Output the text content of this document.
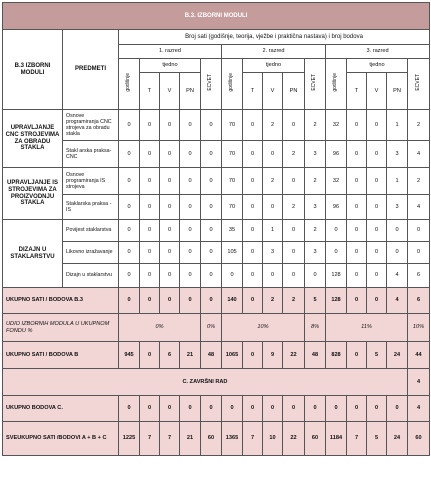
B.3. IZBORNI MODULI																
B.3 IZBORNI MODULI	PREDMETI	Broj sati (godišnje, teorija, vježbe i praktična nastava) i broj bodova														
		1. razred					2. razred					3. razred				
		godišnje	tjedno			ECVET	godišnje	tjedno			ECVET	godišnje	tjedno			ECVET
			T	V	PN			T	V	PN			T	V	PN	
UPRAVLJANJE CNC STROJEVIMA ZA OBRADU STAKLA	Osnove programiranja CNC strojeva za obradu stakla	0	0	0	0	0	70	0	2	0	2	32	0	0	1	2
	Stakl arska praksa-CNC	0	0	0	0	0	70	0	0	2	3	96	0	0	3	4
UPRAVLJANJE IS STROJEVIMA ZA PROIZVODNJU STAKLA	Osnove programiranja IS strojeva	0	0	0	0	0	70	0	2	0	2	32	0	0	1	2
	Staklarska praksa - IS	0	0	0	0	0	70	0	0	2	3	96	0	0	3	4
DIZAJN U STAKLARSTVU	Povijest staklarstva	0	0	0	0	0	35	0	1	0	2	0	0	0	0	0
	Likovno izražavanje	0	0	0	0	0	105	0	3	0	3	0	0	0	0	0
	Dizajn u staklarstvu	0	0	0	0	0	0	0	0	0	0	128	0	0	4	6
UKUPNO SATI / BODOVA B.3		0	0	0	0	0	140	0	2	2	5	128	0	0	4	6
UDIO IZBORNIH MODULA U UKUPNOM FONDU %		0%				0%	10%				8%	11%				10%
UKUPNO SATI / BODOVA B		945	0	6	21	48	1065	0	9	22	48	828	0	5	24	44
C. ZAVRŠNI RAD																4
UKUPNO BODOVA C.		0	0	0	0	0	0	0	0	0	0	0	0	0	0	4
SVEUKUPNO SATI /BODOVI A + B + C		1225	7	7	21	60	1365	7	10	22	60	1184	7	5	24	60
